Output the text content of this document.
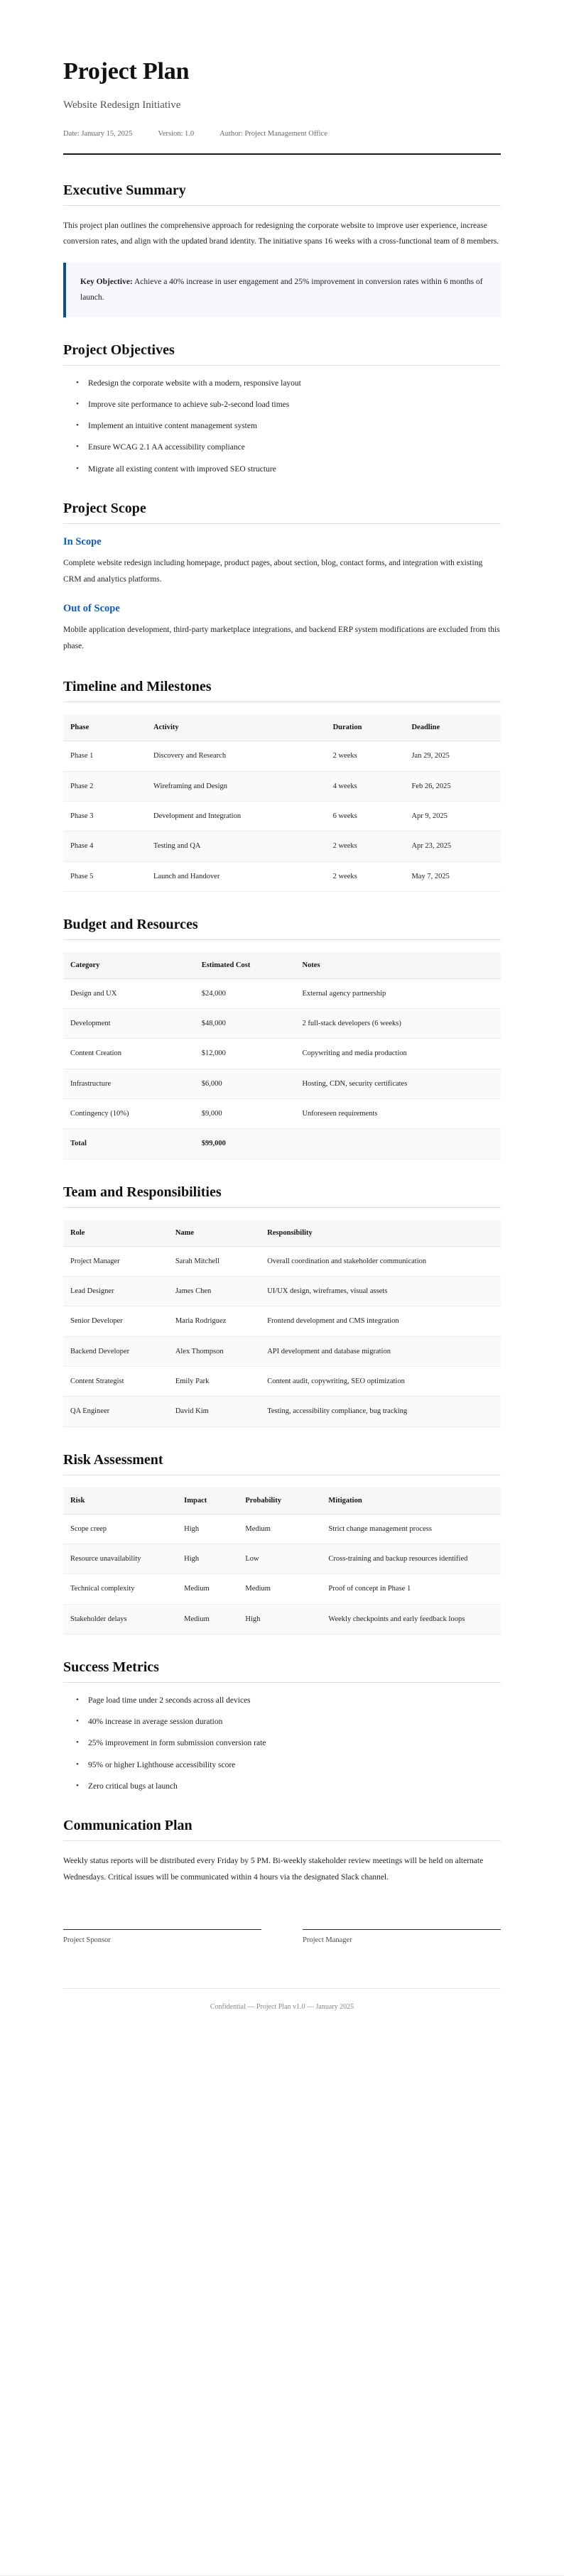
Project Plan
Website Redesign Initiative
Date: January 15, 2025	Version: 1.0	Author: Project Management Office
Executive Summary

This project plan outlines the comprehensive approach for redesigning the corporate website to improve user experience, increase conversion rates, and align with the updated brand identity. The initiative spans 16 weeks with a cross-functional team of 8 members.

Key Objective: Achieve a 40% increase in user engagement and 25% improvement in conversion rates within 6 months of launch.

Project Objectives
• Redesign the corporate website with a modern, responsive layout
• Improve site performance to achieve sub-2-second load times
• Implement an intuitive content management system
• Ensure WCAG 2.1 AA accessibility compliance
• Migrate all existing content with improved SEO structure
Project Scope
In Scope

Complete website redesign including homepage, product pages, about section, blog, contact forms, and integration with existing CRM and analytics platforms.

Out of Scope

Mobile application development, third-party marketplace integrations, and backend ERP system modifications are excluded from this phase.

Timeline and Milestones
Phase	Activity	Duration	Deadline
Phase 1	Discovery and Research	2 weeks	Jan 29, 2025
Phase 2	Wireframing and Design	4 weeks	Feb 26, 2025
Phase 3	Development and Integration	6 weeks	Apr 9, 2025
Phase 4	Testing and QA	2 weeks	Apr 23, 2025
Phase 5	Launch and Handover	2 weeks	May 7, 2025
Budget and Resources
Category	Estimated Cost	Notes
Design and UX	$24,000	External agency partnership
Development	$48,000	2 full-stack developers (6 weeks)
Content Creation	$12,000	Copywriting and media production
Infrastructure	$6,000	Hosting, CDN, security certificates
Contingency (10%)	$9,000	Unforeseen requirements
Total	$99,000	
Team and Responsibilities
Role	Name	Responsibility
Project Manager	Sarah Mitchell	Overall coordination and stakeholder communication
Lead Designer	James Chen	UI/UX design, wireframes, visual assets
Senior Developer	Maria Rodriguez	Frontend development and CMS integration
Backend Developer	Alex Thompson	API development and database migration
Content Strategist	Emily Park	Content audit, copywriting, SEO optimization
QA Engineer	David Kim	Testing, accessibility compliance, bug tracking
Risk Assessment
Risk	Impact	Probability	Mitigation
Scope creep	High	Medium	Strict change management process
Resource unavailability	High	Low	Cross-training and backup resources identified
Technical complexity	Medium	Medium	Proof of concept in Phase 1
Stakeholder delays	Medium	High	Weekly checkpoints and early feedback loops
Success Metrics
• Page load time under 2 seconds across all devices
• 40% increase in average session duration
• 25% improvement in form submission conversion rate
• 95% or higher Lighthouse accessibility score
• Zero critical bugs at launch
Communication Plan

Weekly status reports will be distributed every Friday by 5 PM. Bi-weekly stakeholder review meetings will be held on alternate Wednesdays. Critical issues will be communicated within 4 hours via the designated Slack channel.

Project Sponsor	Project Manager
Confidential — Project Plan v1.0 — January 2025
